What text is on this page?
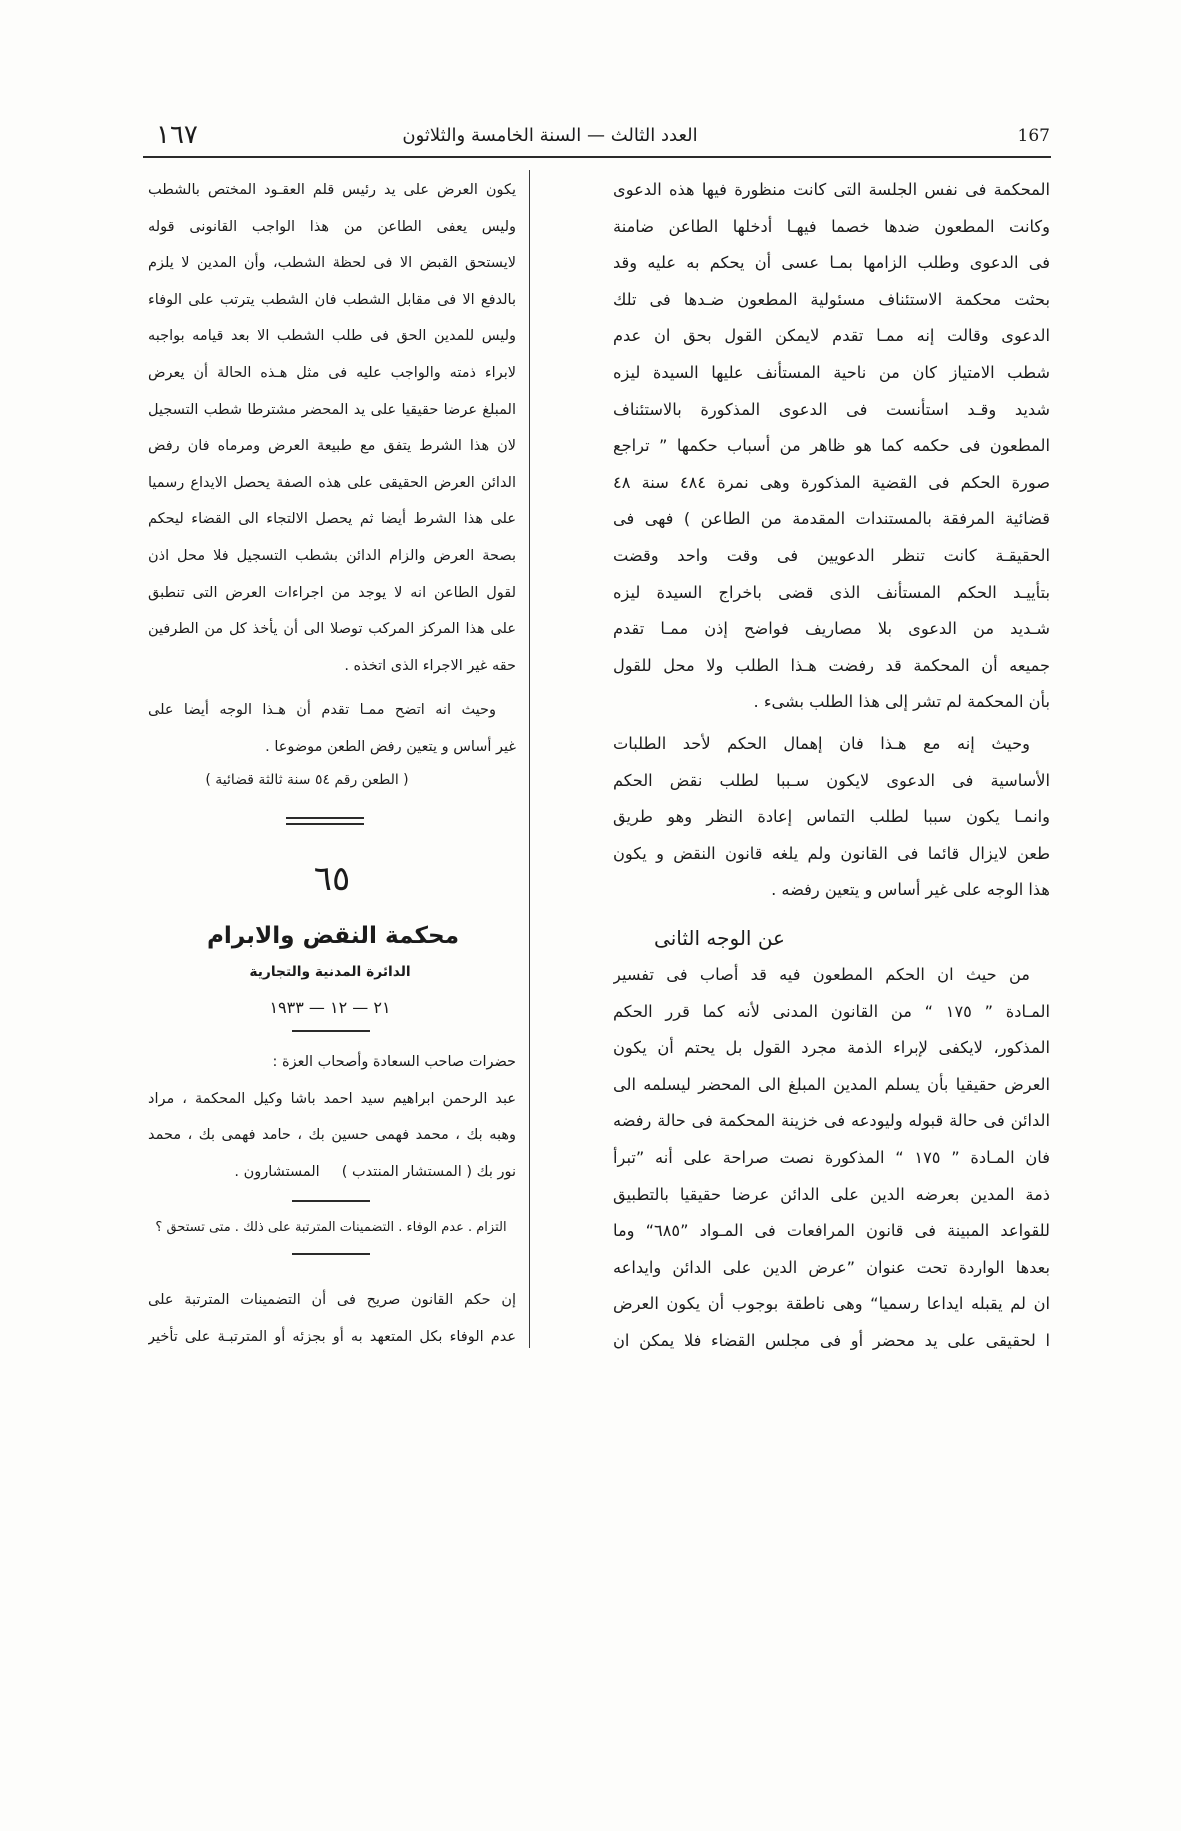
١٦٧	العدد الثالث — السنة الخامسة والثلاثون	167
المحكمة فى نفس الجلسة التى كانت منظورة فيها هذه الدعوى
وكانت المطعون ضدها خصما فيهـا أدخلها الطاعن ضامنة
فى الدعوى وطلب الزامها بمـا عسى أن يحكم به عليه وقد
بحثت محكمة الاستئناف مسئولية المطعون ضـدها فى تلك
الدعوى وقالت إنه ممـا تقدم لايمكن القول بحق ان عدم
شطب الامتياز كان من ناحية المستأنف عليها السيدة ليزه
شديد وقـد استأنست فى الدعوى المذكورة بالاستئناف
المطعون فى حكمه كما هو ظاهر من أسباب حكمها ” تراجع
صورة الحكم فى القضية المذكورة وهى نمرة ٤٨٤ سنة ٤٨
قضائية المرفقة بالمستندات المقدمة من الطاعن ) فهى فى
الحقيقـة كانت تنظر الدعويين فى وقت واحد وقضت
بتأييـد الحكم المستأنف الذى قضى باخراج السيدة ليزه
شـديد من الدعوى بلا مصاريف فواضح إذن ممـا تقدم
جميعه أن المحكمة قد رفضت هـذا الطلب ولا محل للقول
بأن المحكمة لم تشر إلى هذا الطلب بشىء .
وحيث إنه مع هـذا فان إهمال الحكم لأحد الطلبات
الأساسية فى الدعوى لايكون سـببا لطلب نقض الحكم
وانمـا يكون سببا لطلب التماس إعادة النظر وهو طريق
طعن لايزال قائما فى القانون ولم يلغه قانون النقض و يكون
هذا الوجه على غير أساس و يتعين رفضه .
عن الوجه الثانى
من حيث ان الحكم المطعون فيه قد أصاب فى تفسير
المـادة ” ١٧٥ “ من القانون المدنى لأنه كما قرر الحكم
المذكور، لايكفى لإبراء الذمة مجرد القول بل يحتم أن يكون
العرض حقيقيا بأن يسلم المدين المبلغ الى المحضر ليسلمه الى
الدائن فى حالة قبوله وليودعه فى خزينة المحكمة فى حالة رفضه
فان المـادة ” ١٧٥ “ المذكورة نصت صراحة على أنه ”تبرأ
ذمة المدين بعرضه الدين على الدائن عرضا حقيقيا بالتطبيق
للقواعد المبينة فى قانون المرافعات فى المـواد ”٦٨٥“ وما
بعدها الواردة تحت عنوان ”عرض الدين على الدائن وايداعه
ان لم يقبله ايداعا رسميا“ وهى ناطقة بوجوب أن يكون العرض
ا لحقيقى على يد محضر أو فى مجلس القضاء فلا يمكن ان
يكون العرض على يد رئيس قلم العقـود المختص بالشطب
وليس يعفى الطاعن من هذا الواجب القانونى قوله
لايستحق القبض الا فى لحظة الشطب، وأن المدين لا يلزم
بالدفع الا فى مقابل الشطب فان الشطب يترتب على الوفاء
وليس للمدين الحق فى طلب الشطب الا بعد قيامه بواجبه
لابراء ذمته والواجب عليه فى مثل هـذه الحالة أن يعرض
المبلغ عرضا حقيقيا على يد المحضر مشترطا شطب التسجيل
لان هذا الشرط يتفق مع طبيعة العرض ومرماه فان رفض
الدائن العرض الحقيقى على هذه الصفة يحصل الايداع رسميا
على هذا الشرط أيضا ثم يحصل الالتجاء الى القضاء ليحكم
بصحة العرض والزام الدائن بشطب التسجيل فلا محل اذن
لقول الطاعن انه لا يوجد من اجراءات العرض التى تنطبق
على هذا المركز المركب توصلا الى أن يأخذ كل من الطرفين
حقه غير الاجراء الذى اتخذه .
وحيث انه اتضح ممـا تقدم أن هـذا الوجه أيضا على
غير أساس و يتعين رفض الطعن موضوعا .
( الطعن رقم ٥٤ سنة ثالثة قضائية )
٦٥
محكمة النقض والابرام
الدائرة المدنية والتجارية
٢١ — ١٢ — ١٩٣٣
حضرات صاحب السعادة وأصحاب العزة :
عبد الرحمن ابراهيم سيد احمد باشا وكيل المحكمة ، مراد
وهبه بك ، محمد فهمى حسين بك ، حامد فهمى بك ، محمد
نور بك ( المستشار المنتدب )المستشارون .
التزام . عدم الوفاء . التضمينات المترتبة على ذلك . متى تستحق ؟
إن حكم القانون صريح فى أن التضمينات المترتبة على
عدم الوفاء بكل المتعهد به أو بجزئه أو المترتبـة على تأخير
